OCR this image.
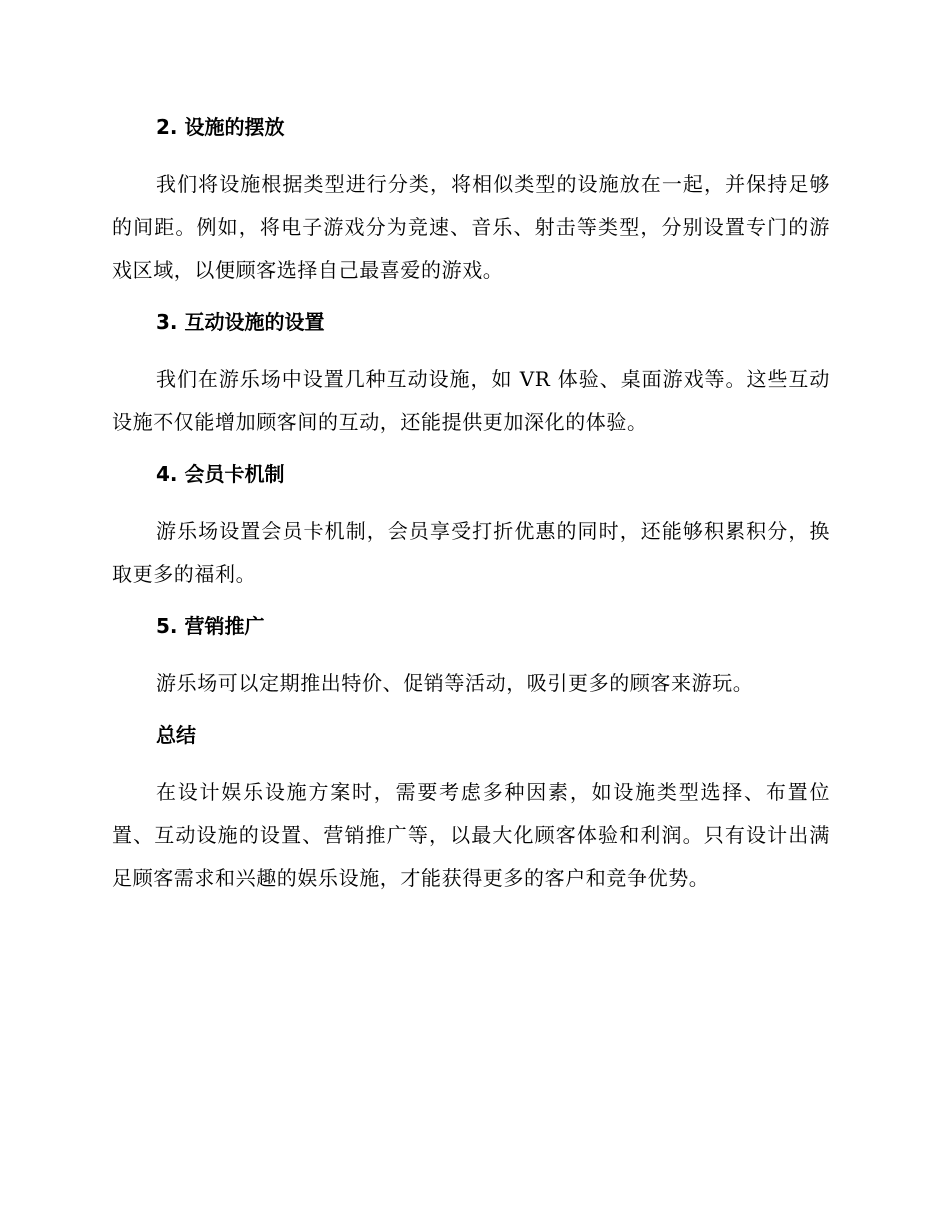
2. 设施的摆放

我们将设施根据类型进行分类，将相似类型的设施放在一起，并保持足够的间距。例如，将电子游戏分为竞速、音乐、射击等类型，分别设置专门的游戏区域，以便顾客选择自己最喜爱的游戏。

3. 互动设施的设置

我们在游乐场中设置几种互动设施，如 VR 体验、桌面游戏等。这些互动设施不仅能增加顾客间的互动，还能提供更加深化的体验。

4. 会员卡机制

游乐场设置会员卡机制，会员享受打折优惠的同时，还能够积累积分，换取更多的福利。

5. 营销推广

游乐场可以定期推出特价、促销等活动，吸引更多的顾客来游玩。

总结

在设计娱乐设施方案时，需要考虑多种因素，如设施类型选择、布置位置、互动设施的设置、营销推广等，以最大化顾客体验和利润。只有设计出满足顾客需求和兴趣的娱乐设施，才能获得更多的客户和竞争优势。
